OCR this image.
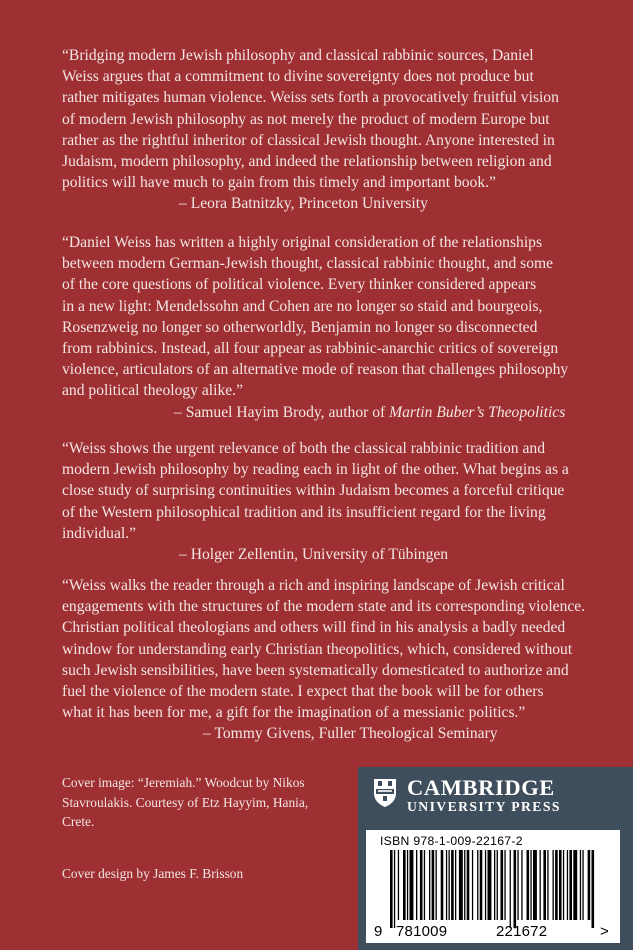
“Bridging modern Jewish philosophy and classical rabbinic sources, Daniel
Weiss argues that a commitment to divine sovereignty does not produce but
rather mitigates human violence. Weiss sets forth a provocatively fruitful vision
of modern Jewish philosophy as not merely the product of modern Europe but
rather as the rightful inheritor of classical Jewish thought. Anyone interested in
Judaism, modern philosophy, and indeed the relationship between religion and
politics will have much to gain from this timely and important book.”
– Leora Batnitzky, Princeton University
“Daniel Weiss has written a highly original consideration of the relationships
between modern German-Jewish thought, classical rabbinic thought, and some
of the core questions of political violence. Every thinker considered appears
in a new light: Mendelssohn and Cohen are no longer so staid and bourgeois,
Rosenzweig no longer so otherworldly, Benjamin no longer so disconnected
from rabbinics. Instead, all four appear as rabbinic-anarchic critics of sovereign
violence, articulators of an alternative mode of reason that challenges philosophy
and political theology alike.”
– Samuel Hayim Brody, author of Martin Buber’s Theopolitics
“Weiss shows the urgent relevance of both the classical rabbinic tradition and
modern Jewish philosophy by reading each in light of the other. What begins as a
close study of surprising continuities within Judaism becomes a forceful critique
of the Western philosophical tradition and its insufficient regard for the living
individual.”
– Holger Zellentin, University of Tübingen
“Weiss walks the reader through a rich and inspiring landscape of Jewish critical
engagements with the structures of the modern state and its corresponding violence.
Christian political theologians and others will find in his analysis a badly needed
window for understanding early Christian theopolitics, which, considered without
such Jewish sensibilities, have been systematically domesticated to authorize and
fuel the violence of the modern state. I expect that the book will be for others
what it has been for me, a gift for the imagination of a messianic politics.”
– Tommy Givens, Fuller Theological Seminary
Cover image: “Jeremiah.” Woodcut by Nikos
Stavroulakis. Courtesy of Etz Hayyim, Hania,
Crete.
Cover design by James F. Brisson
CAMBRIDGE
UNIVERSITY PRESS
ISBN 978-1-009-22167-2
9 781009	221672	>
